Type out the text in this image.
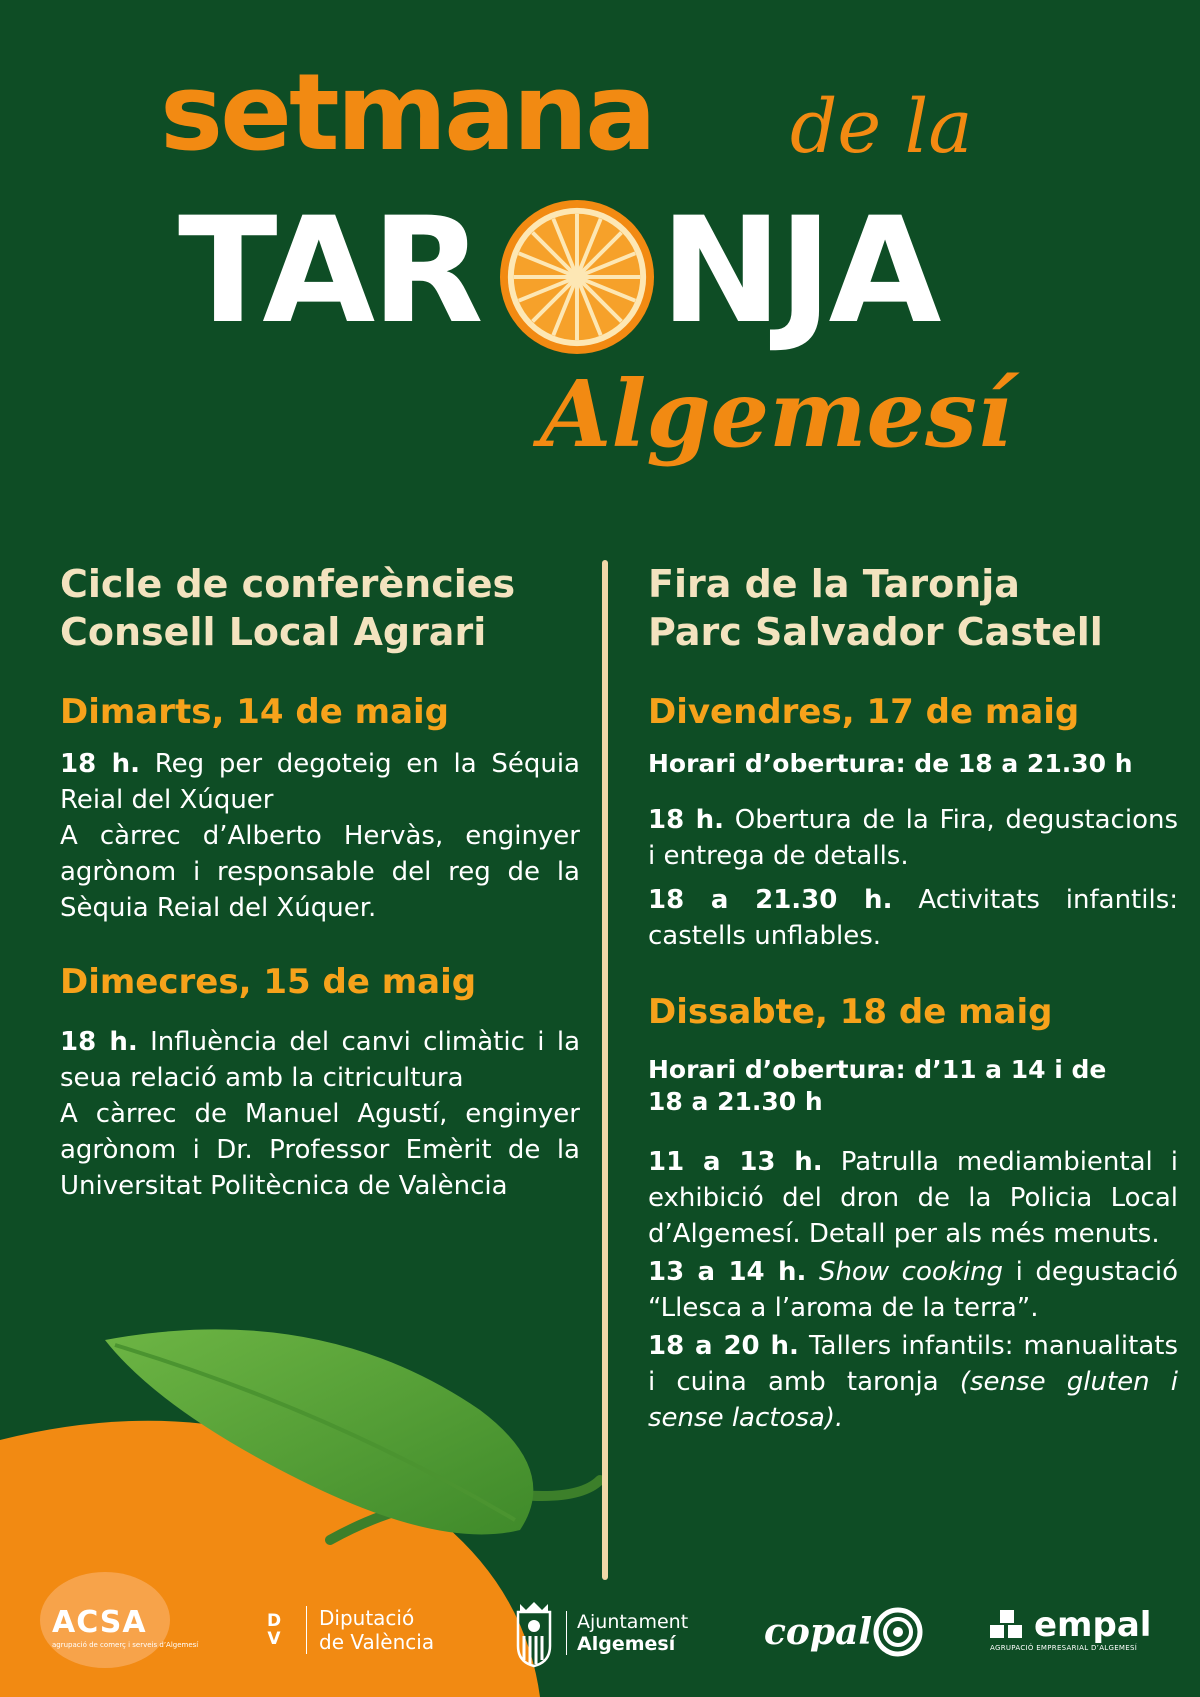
setmana de la
TAR NJA
Algemesí

Cicle de conferències

Consell Local Agrari

Dimarts, 14 de maig

18 h. Reg per degoteig en la Séquia Reial del Xúquer

A càrrec d’Alberto Hervàs, enginyer agrònom i responsable del reg de la Sèquia Reial del Xúquer.

Dimecres, 15 de maig

18 h. Influència del canvi climàtic i la seua relació amb la citricultura

A càrrec de Manuel Agustí, enginyer agrònom i Dr. Professor Emèrit de la Universitat Politècnica de València

Fira de la Taronja

Parc Salvador Castell

Divendres, 17 de maig

Horari d’obertura: de 18 a 21.30 h

18 h. Obertura de la Fira, degustacions i entrega de detalls.

18 a 21.30 h. Activitats infantils: castells unflables.

Dissabte, 18 de maig

Horari d’obertura: d’11 a 14 i de

18 a 21.30 h

11 a 13 h. Patrulla mediambiental i exhibició del dron de la Policia Local d’Algemesí. Detall per als més menuts.

13 a 14 h. Show cooking i degustació “Llesca a l’aroma de la terra”.

18 a 20 h. Tallers infantils: manualitats i cuina amb taronja (sense gluten i sense lactosa).

ACSA
agrupació de comerç i serveis d’Algemesí
D
V
Diputació
de València
Ajuntament
Algemesí	copal	empal
AGRUPACIÓ EMPRESARIAL D’ALGEMESÍ
